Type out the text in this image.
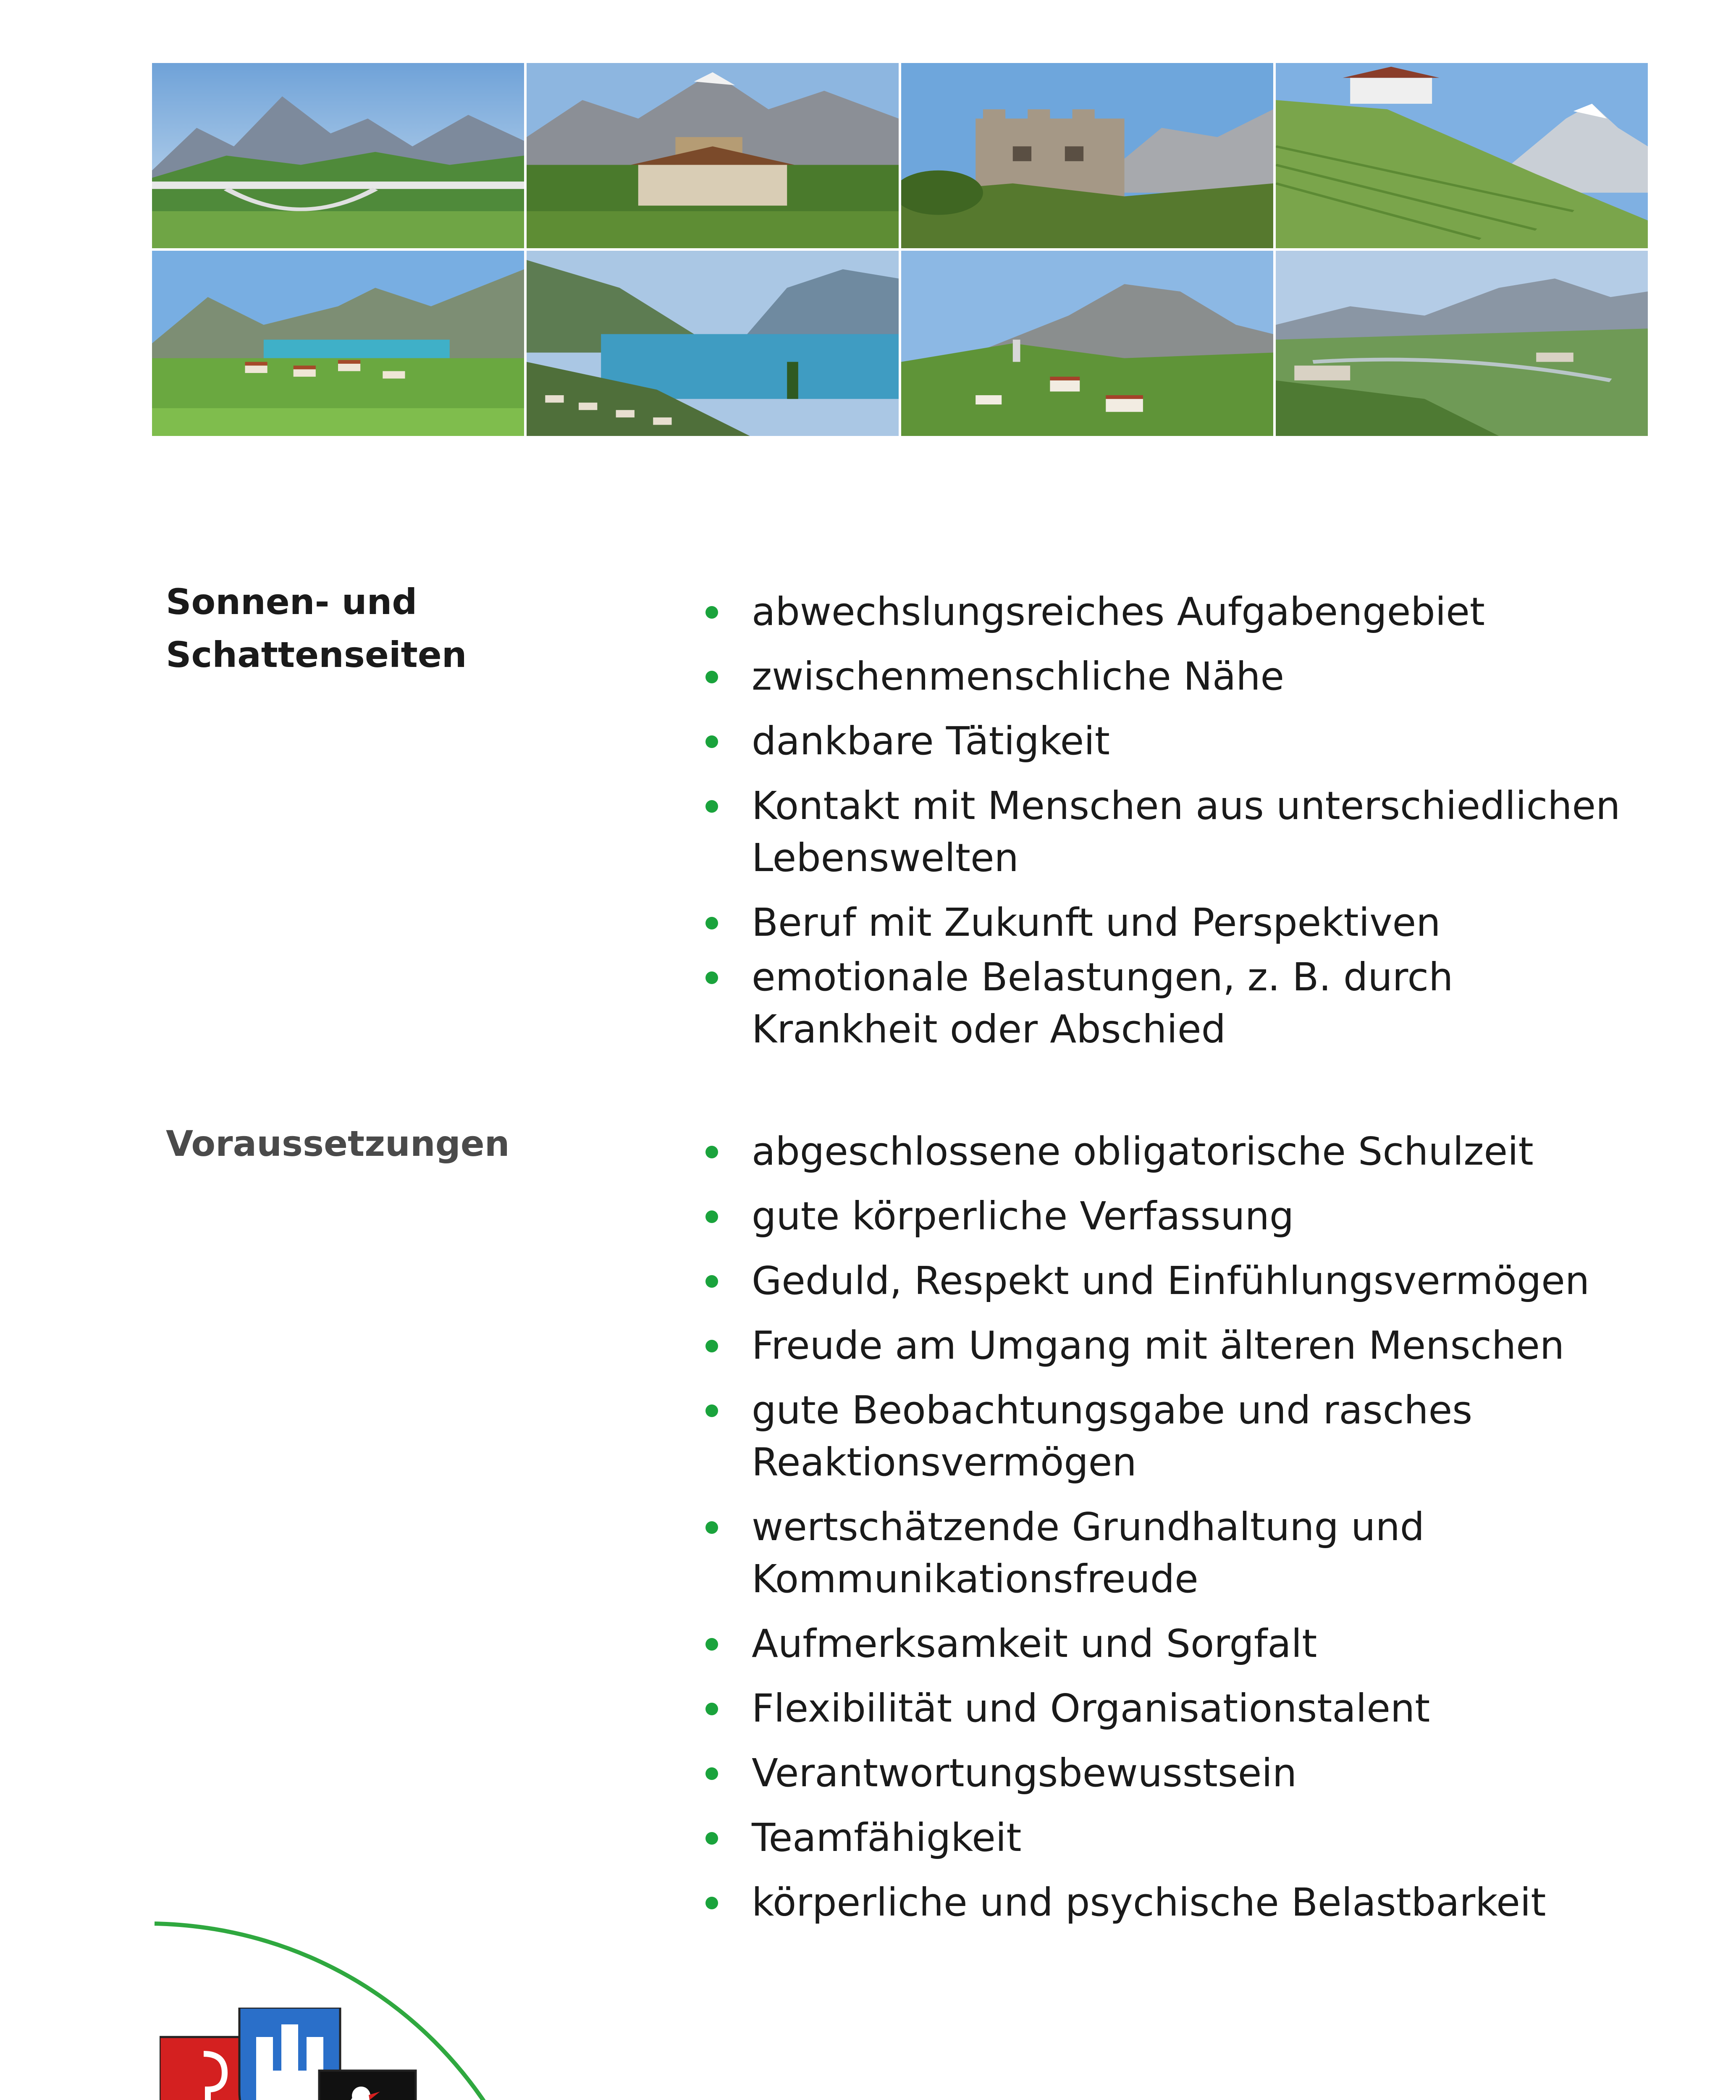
Sonnen- und Schattenseiten
abwechslungsreiches Aufgabengebiet
zwischenmenschliche Nähe
dankbare Tätigkeit
Kontakt mit Menschen aus unterschiedlichen Lebenswelten
Beruf mit Zukunft und Perspektiven
emotionale Belastungen, z. B. durch Krankheit oder Abschied
Voraussetzungen	abgeschlossene obligatorische Schulzeit
gute körperliche Verfassung
Geduld, Respekt und Einfühlungsvermögen
Freude am Umgang mit älteren Menschen
gute Beobachtungsgabe und rasches Reaktionsvermögen
wertschätzende Grundhaltung und Kommunikationsfreude
Aufmerksamkeit und Sorgfalt
Flexibilität und Organisationstalent
Verantwortungsbewusstsein
Teamfähigkeit
körperliche und psychische Belastbarkeit
